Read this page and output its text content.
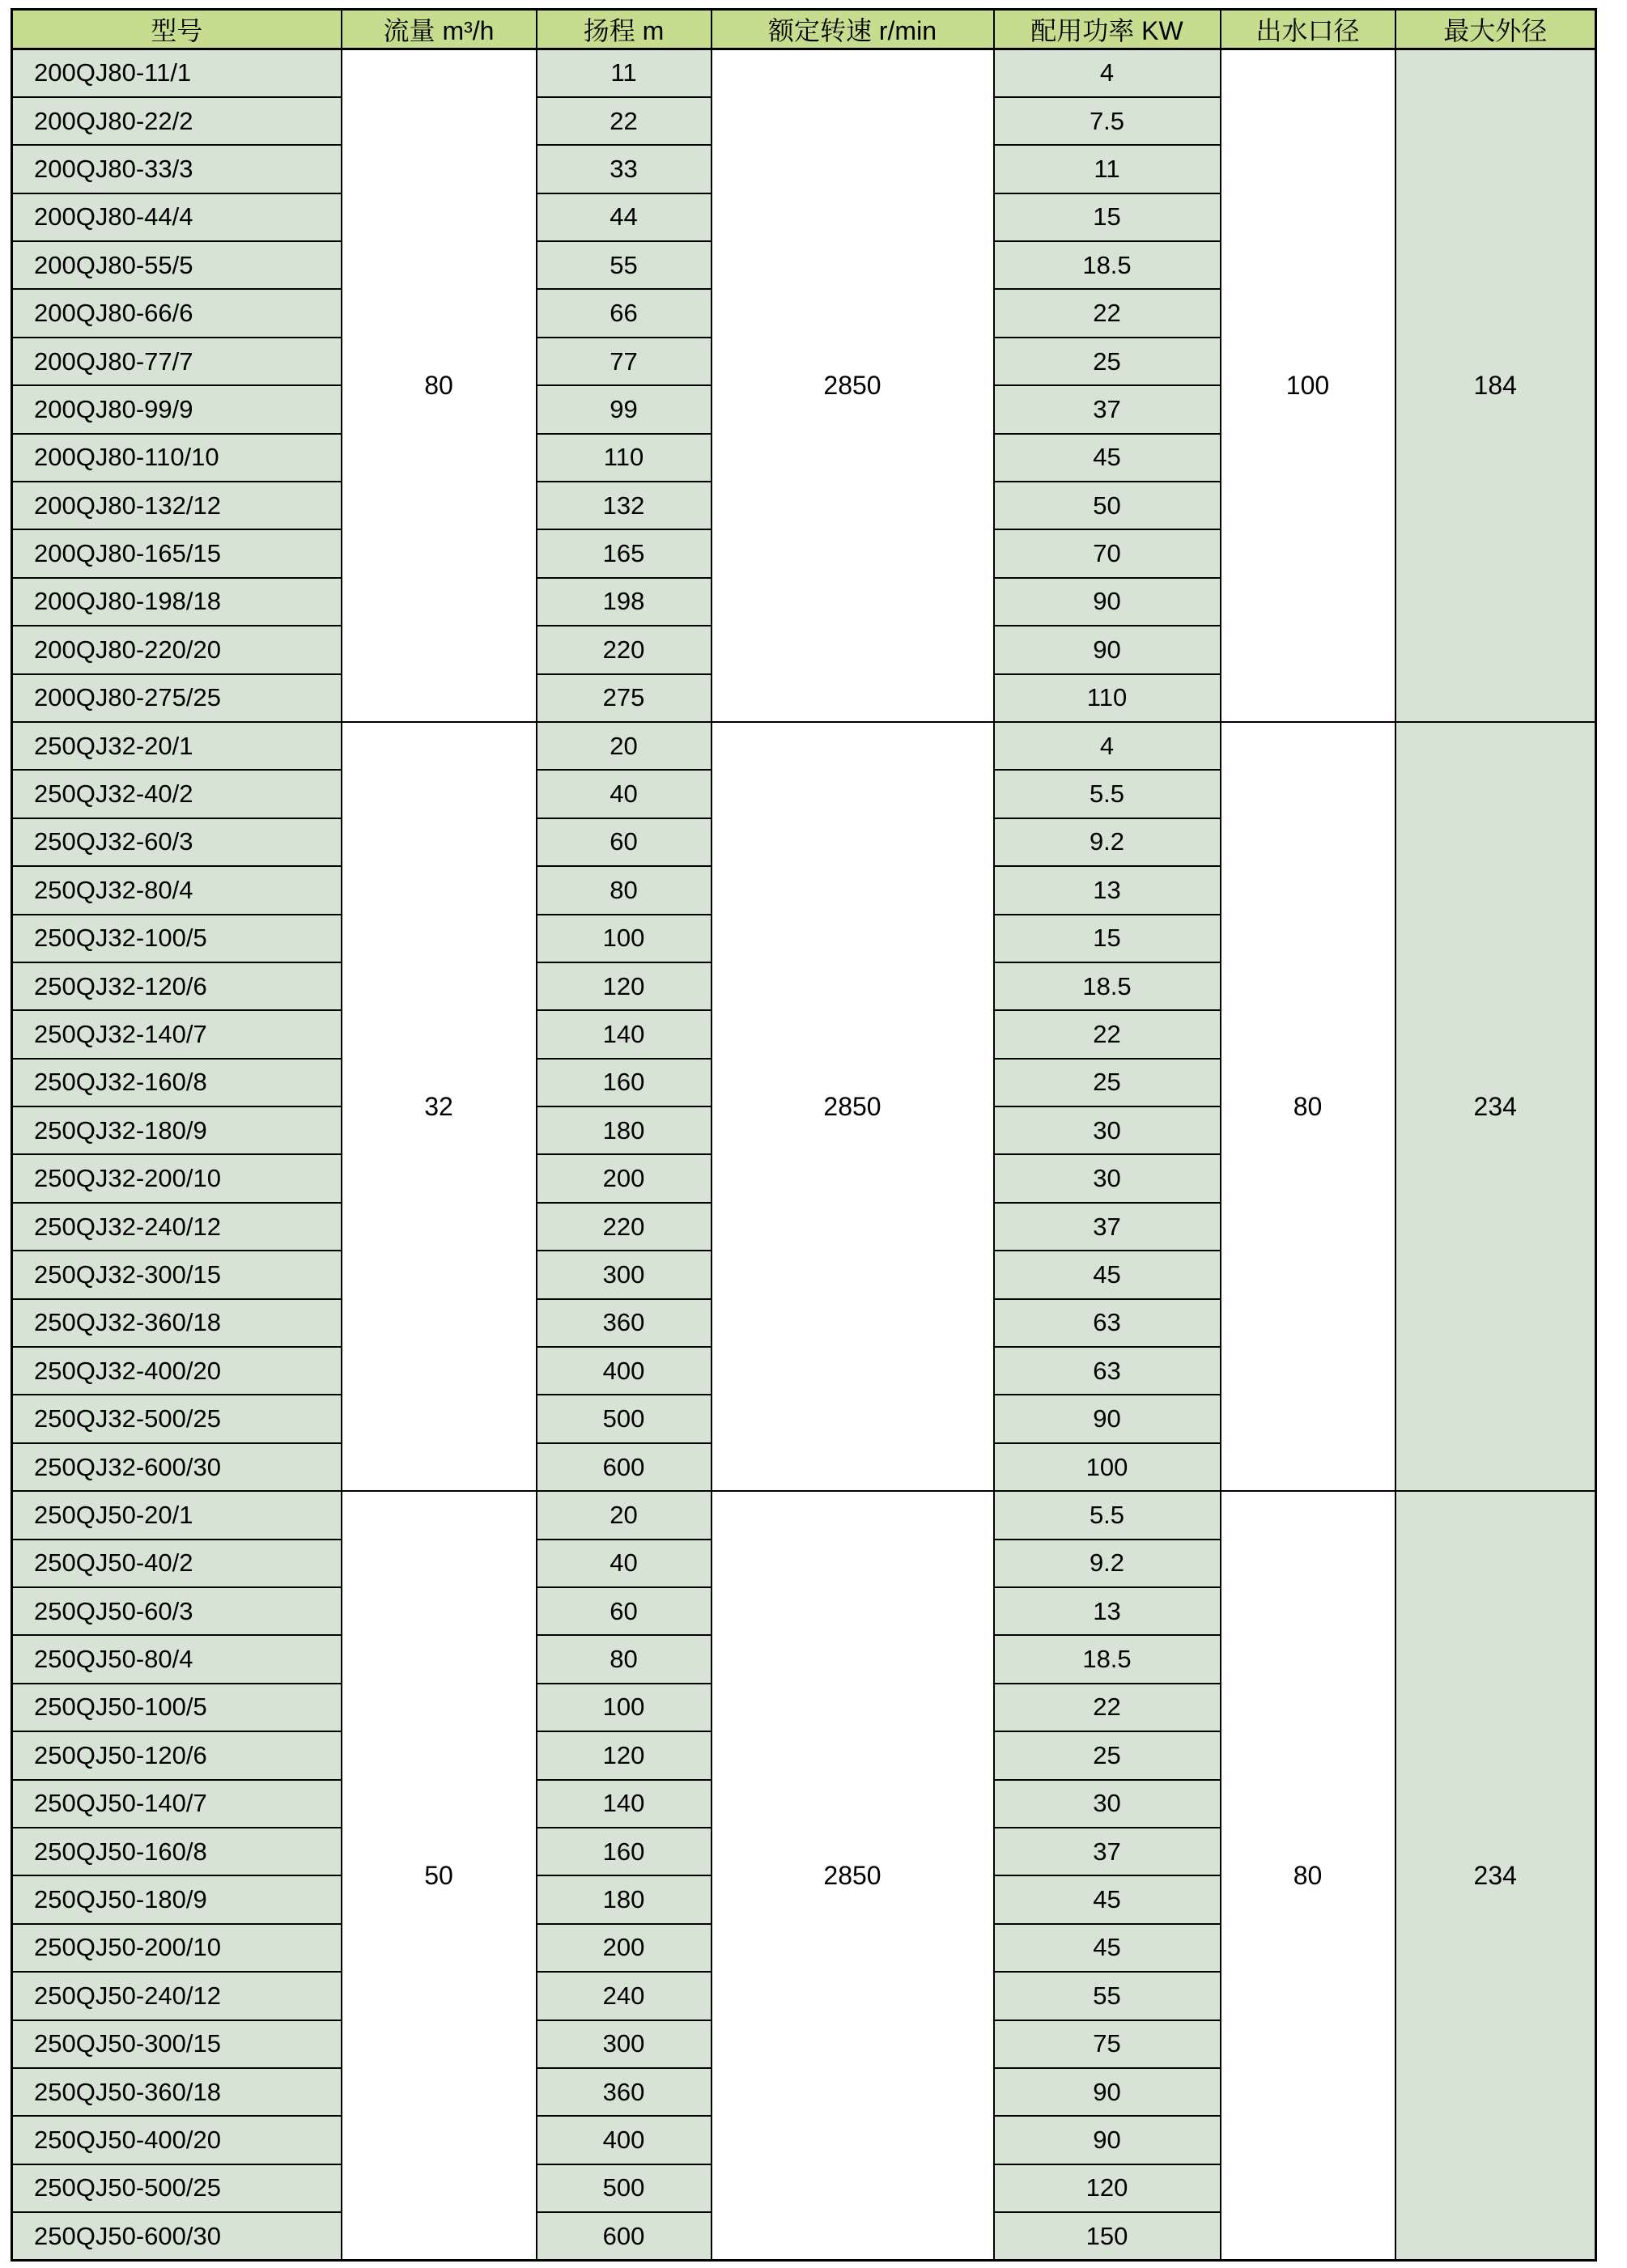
型号	流量 m³/h	扬程 m	额定转速 r/min	配用功率 KW	出水口径	最大外径
200QJ80-11/1	80	11	2850	4	100	184
200QJ80-22/2		22		7.5		
200QJ80-33/3		33		11		
200QJ80-44/4		44		15		
200QJ80-55/5		55		18.5		
200QJ80-66/6		66		22		
200QJ80-77/7		77		25		
200QJ80-99/9		99		37		
200QJ80-110/10		110		45		
200QJ80-132/12		132		50		
200QJ80-165/15		165		70		
200QJ80-198/18		198		90		
200QJ80-220/20		220		90		
200QJ80-275/25		275		110		
250QJ32-20/1	32	20	2850	4	80	234
250QJ32-40/2		40		5.5		
250QJ32-60/3		60		9.2		
250QJ32-80/4		80		13		
250QJ32-100/5		100		15		
250QJ32-120/6		120		18.5		
250QJ32-140/7		140		22		
250QJ32-160/8		160		25		
250QJ32-180/9		180		30		
250QJ32-200/10		200		30		
250QJ32-240/12		220		37		
250QJ32-300/15		300		45		
250QJ32-360/18		360		63		
250QJ32-400/20		400		63		
250QJ32-500/25		500		90		
250QJ32-600/30		600		100		
250QJ50-20/1	50	20	2850	5.5	80	234
250QJ50-40/2		40		9.2		
250QJ50-60/3		60		13		
250QJ50-80/4		80		18.5		
250QJ50-100/5		100		22		
250QJ50-120/6		120		25		
250QJ50-140/7		140		30		
250QJ50-160/8		160		37		
250QJ50-180/9		180		45		
250QJ50-200/10		200		45		
250QJ50-240/12		240		55		
250QJ50-300/15		300		75		
250QJ50-360/18		360		90		
250QJ50-400/20		400		90		
250QJ50-500/25		500		120		
250QJ50-600/30		600		150		
